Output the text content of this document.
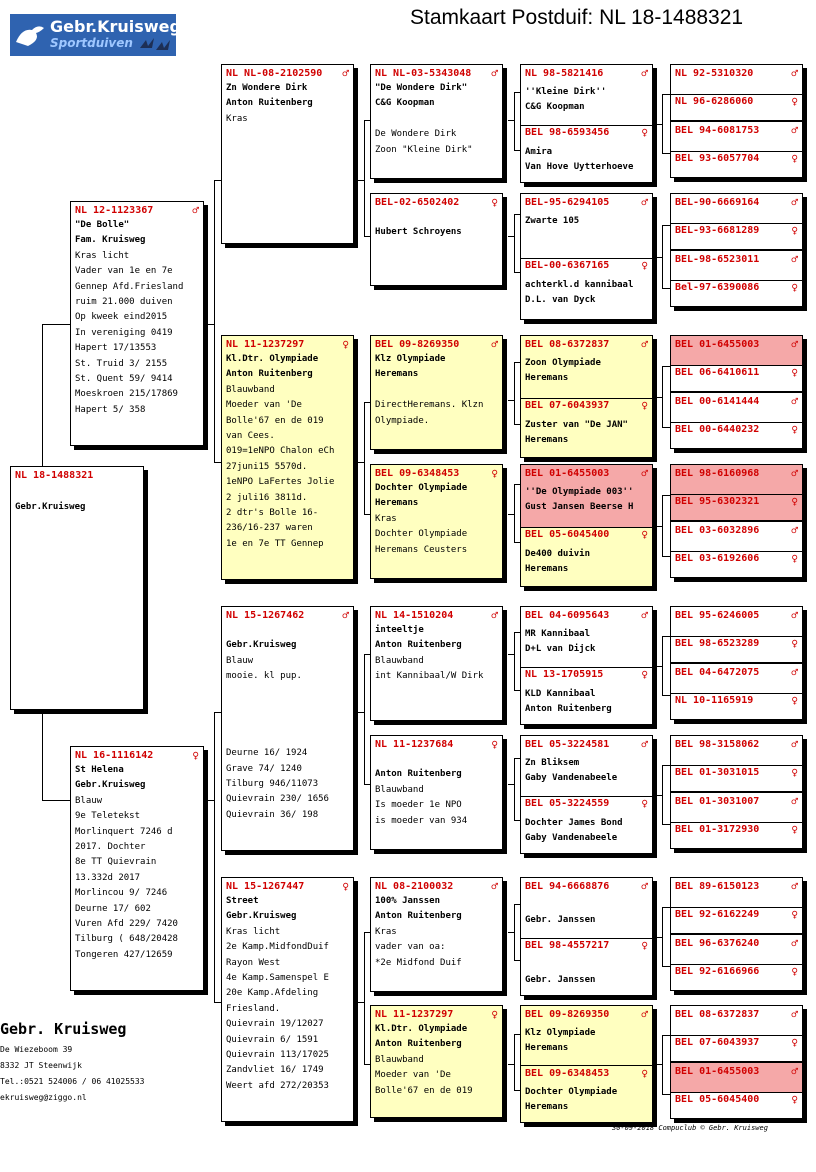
Gebr.Kruisweg
Sportduiven
Stamkaart Postduif: NL 18-1488321
NL 18-1488321

Gebr.Kruisweg
NL 12-1123367	♂
"De Bolle"
Fam. Kruisweg
Kras licht
Vader van 1e en 7e
Gennep Afd.Friesland
ruim 21.000 duiven
Op kweek eind2015
In vereniging 0419
Hapert 17/13553
St. Truid 3/ 2155
St. Quent 59/ 9414
Moeskroen 215/17869
Hapert 5/ 358
NL 16-1116142	♀
St Helena
Gebr.Kruisweg
Blauw
9e Teletekst
Morlinquert 7246 d
2017. Dochter
8e TT Quievrain
13.332d 2017
Morlincou 9/ 7246
Deurne 17/ 602
Vuren Afd 229/ 7420
Tilburg ( 648/20428
Tongeren 427/12659
NL NL-08-2102590 ♂
Zn Wondere Dirk
Anton Ruitenberg
Kras
NL 11-1237297	♀
Kl.Dtr. Olympiade
Anton Ruitenberg
Blauwband
Moeder van 'De
Bolle'67 en de 019
van Cees.
019=1eNPO Chalon eCh
27juni15 5570d.
1eNPO LaFertes Jolie
2 juli16 3811d.
2 dtr's Bolle 16-
236/16-237 waren
1e en 7e TT Gennep
NL 15-1267462	♂

Gebr.Kruisweg
Blauw
mooie. kl pup.

Deurne 16/ 1924
Grave 74/ 1240
Tilburg 946/11073
Quievrain 230/ 1656
Quievrain 36/ 198
NL 15-1267447	♀
Street
Gebr.Kruisweg
Kras licht
2e Kamp.MidfondDuif
Rayon West
4e Kamp.Samenspel E
20e Kamp.Afdeling
Friesland.
Quievrain 19/12027
Quievrain 6/ 1591
Quievrain 113/17025
Zandvliet 16/ 1749
Weert afd 272/20353
NL NL-03-5343048 ♂
"De Wondere Dirk"
C&G Koopman

De Wondere Dirk
Zoon "Kleine Dirk"
BEL-02-6502402	♀

Hubert Schroyens
BEL 09-8269350	♂
Klz Olympiade
Heremans

DirectHeremans. Klzn
Olympiade.
BEL 09-6348453	♀
Dochter Olympiade
Heremans
Kras
Dochter Olympiade
Heremans Ceusters
NL 14-1510204	♂
inteeltje
Anton Ruitenberg
Blauwband
int Kannibaal/W Dirk
NL 11-1237684	♀

Anton Ruitenberg
Blauwband
Is moeder 1e NPO
is moeder van 934
NL 08-2100032	♂
100% Janssen
Anton Ruitenberg
Kras
vader van oa:
*2e Midfond Duif
NL 11-1237297	♀
Kl.Dtr. Olympiade
Anton Ruitenberg
Blauwband
Moeder van 'De
Bolle'67 en de 019
NL 98-5821416	♂
''Kleine Dirk''
C&G Koopman
BEL 98-6593456	♀
Amira
Van Hove Uytterhoeve
BEL-95-6294105	♂
Zwarte 105

BEL-00-6367165	♀
achterkl.d kannibaal
D.L. van Dyck
BEL 08-6372837	♂
Zoon Olympiade
Heremans
BEL 07-6043937	♀
Zuster van "De JAN"
Heremans
BEL 01-6455003	♂
''De Olympiade 003''
Gust Jansen Beerse H
BEL 05-6045400	♀
De400 duivin
Heremans
BEL 04-6095643	♂
MR Kannibaal
D+L van Dijck
NL 13-1705915	♀
KLD Kannibaal
Anton Ruitenberg
BEL 05-3224581	♂
Zn Bliksem
Gaby Vandenabeele
BEL 05-3224559	♀
Dochter James Bond
Gaby Vandenabeele
BEL 94-6668876	♂

Gebr. Janssen
BEL 98-4557217	♀

Gebr. Janssen
BEL 09-8269350	♂
Klz Olympiade
Heremans
BEL 09-6348453	♀
Dochter Olympiade
Heremans
NL 92-5310320	♂
NL 96-6286060	♀
BEL 94-6081753	♂
BEL 93-6057704	♀
BEL-90-6669164	♂
BEL-93-6681289	♀
BEL-98-6523011	♂
Bel-97-6390086	♀
BEL 01-6455003	♂
BEL 06-6410611	♀
BEL 00-6141444	♂
BEL 00-6440232	♀
BEL 98-6160968	♂
BEL 95-6302321	♀
BEL 03-6032896	♂
BEL 03-6192606	♀
BEL 95-6246005	♂
BEL 98-6523289	♀
BEL 04-6472075	♂
NL 10-1165919	♀
BEL 98-3158062	♂
BEL 01-3031015	♀
BEL 01-3031007	♂
BEL 01-3172930	♀
BEL 89-6150123	♂
BEL 92-6162249	♀
BEL 96-6376240	♂
BEL 92-6166966	♀
BEL 08-6372837	♂
BEL 07-6043937	♀
BEL 01-6455003	♂
BEL 05-6045400	♀
Gebr. Kruisweg
De Wiezeboom 39
8332 JT Steenwijk
Tel.:0521 524006 / 06 41025533
ekruisweg@ziggo.nl
30-09-2018 Compuclub © Gebr. Kruisweg
